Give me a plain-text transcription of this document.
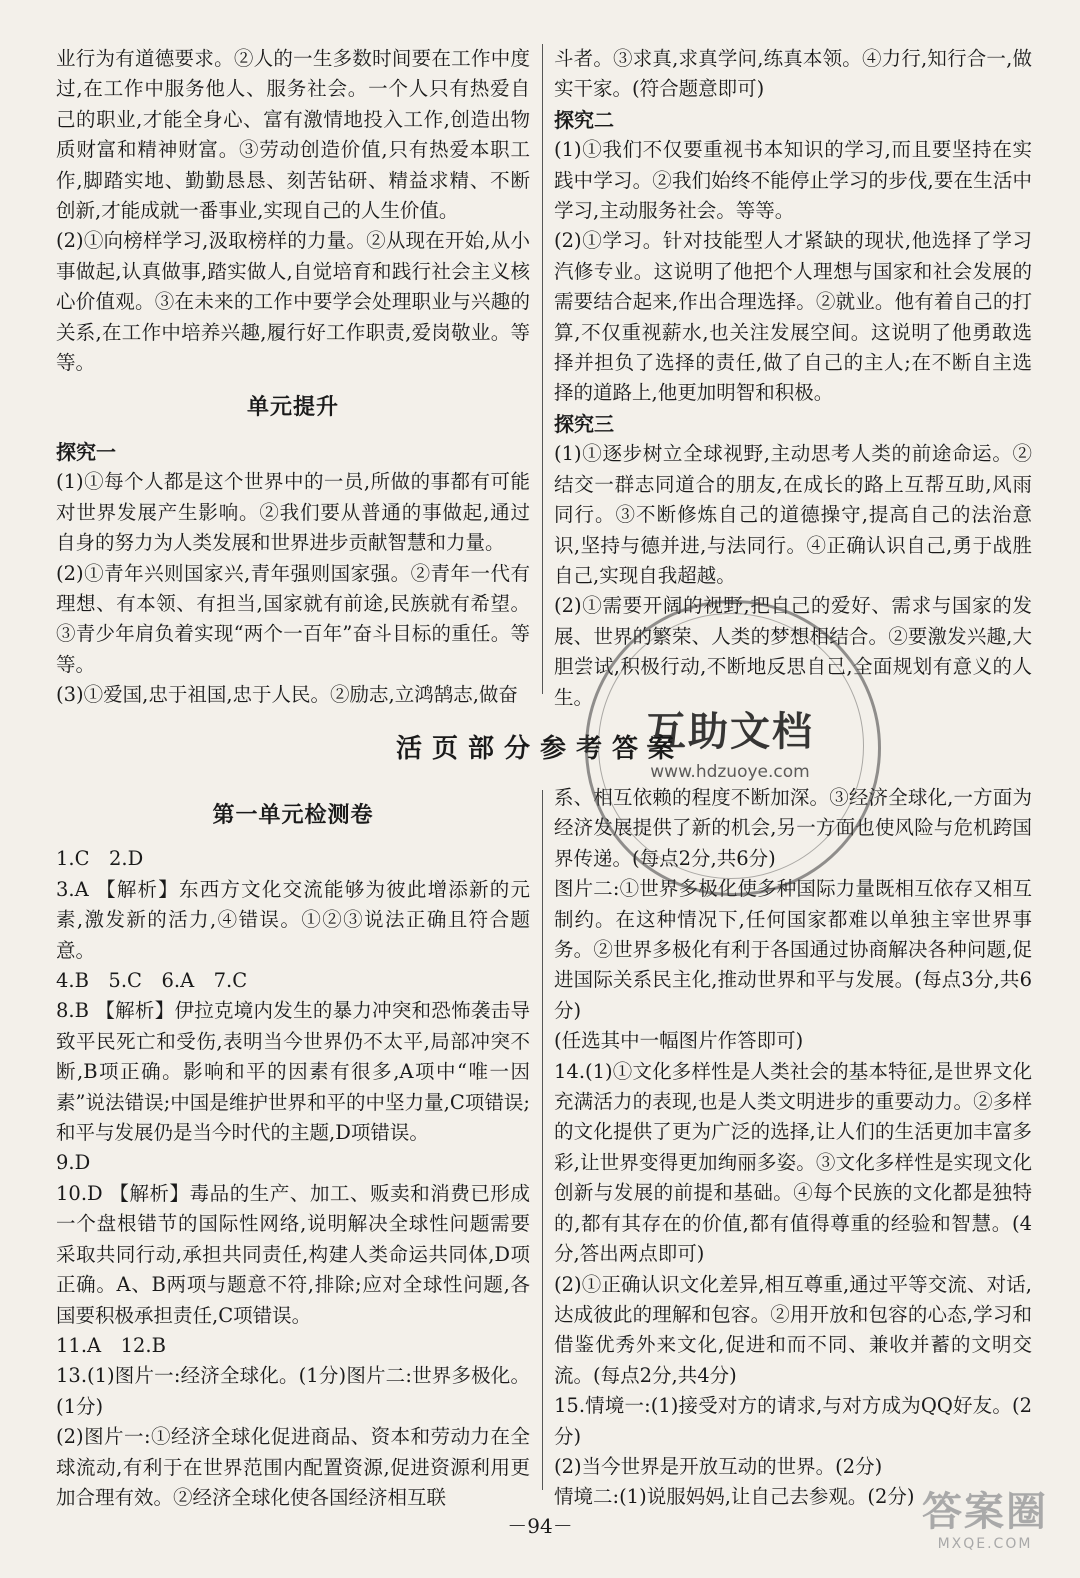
业行为有道德要求。②人的一生多数时间要在工作中度过,在工作中服务他人、服务社会。一个人只有热爱自己的职业,才能全身心、富有激情地投入工作,创造出物质财富和精神财富。③劳动创造价值,只有热爱本职工作,脚踏实地、勤勤恳恳、刻苦钻研、精益求精、不断创新,才能成就一番事业,实现自己的人生价值。

(2)①向榜样学习,汲取榜样的力量。②从现在开始,从小事做起,认真做事,踏实做人,自觉培育和践行社会主义核心价值观。③在未来的工作中要学会处理职业与兴趣的关系,在工作中培养兴趣,履行好工作职责,爱岗敬业。等等。

单元提升
探究一

(1)①每个人都是这个世界中的一员,所做的事都有可能对世界发展产生影响。②我们要从普通的事做起,通过自身的努力为人类发展和世界进步贡献智慧和力量。

(2)①青年兴则国家兴,青年强则国家强。②青年一代有理想、有本领、有担当,国家就有前途,民族就有希望。③青少年肩负着实现“两个一百年”奋斗目标的重任。等等。

(3)①爱国,忠于祖国,忠于人民。②励志,立鸿鹄志,做奋

斗者。③求真,求真学问,练真本领。④力行,知行合一,做实干家。(符合题意即可)

探究二

(1)①我们不仅要重视书本知识的学习,而且要坚持在实践中学习。②我们始终不能停止学习的步伐,要在生活中学习,主动服务社会。等等。

(2)①学习。针对技能型人才紧缺的现状,他选择了学习汽修专业。这说明了他把个人理想与国家和社会发展的需要结合起来,作出合理选择。②就业。他有着自己的打算,不仅重视薪水,也关注发展空间。这说明了他勇敢选择并担负了选择的责任,做了自己的主人;在不断自主选择的道路上,他更加明智和积极。

探究三

(1)①逐步树立全球视野,主动思考人类的前途命运。②结交一群志同道合的朋友,在成长的路上互帮互助,风雨同行。③不断修炼自己的道德操守,提高自己的法治意识,坚持与德并进,与法同行。④正确认识自己,勇于战胜自己,实现自我超越。

(2)①需要开阔的视野,把自己的爱好、需求与国家的发展、世界的繁荣、人类的梦想相结合。②要激发兴趣,大胆尝试,积极行动,不断地反思自己,全面规划有意义的人生。

活页部分参考答案
第一单元检测卷

1.C　2.D

3.A 【解析】东西方文化交流能够为彼此增添新的元素,激发新的活力,④错误。①②③说法正确且符合题意。

4.B　5.C　6.A　7.C

8.B 【解析】伊拉克境内发生的暴力冲突和恐怖袭击导致平民死亡和受伤,表明当今世界仍不太平,局部冲突不断,B项正确。影响和平的因素有很多,A项中“唯一因素”说法错误;中国是维护世界和平的中坚力量,C项错误;和平与发展仍是当今时代的主题,D项错误。

9.D

10.D 【解析】毒品的生产、加工、贩卖和消费已形成一个盘根错节的国际性网络,说明解决全球性问题需要采取共同行动,承担共同责任,构建人类命运共同体,D项正确。A、B两项与题意不符,排除;应对全球性问题,各国要积极承担责任,C项错误。

11.A　12.B

13.(1)图片一:经济全球化。(1分)图片二:世界多极化。(1分)

(2)图片一:①经济全球化促进商品、资本和劳动力在全球流动,有利于在世界范围内配置资源,促进资源利用更加合理有效。②经济全球化使各国经济相互联

系、相互依赖的程度不断加深。③经济全球化,一方面为经济发展提供了新的机会,另一方面也使风险与危机跨国界传递。(每点2分,共6分)

图片二:①世界多极化使多种国际力量既相互依存又相互制约。在这种情况下,任何国家都难以单独主宰世界事务。②世界多极化有利于各国通过协商解决各种问题,促进国际关系民主化,推动世界和平与发展。(每点3分,共6分)

(任选其中一幅图片作答即可)

14.(1)①文化多样性是人类社会的基本特征,是世界文化充满活力的表现,也是人类文明进步的重要动力。②多样的文化提供了更为广泛的选择,让人们的生活更加丰富多彩,让世界变得更加绚丽多姿。③文化多样性是实现文化创新与发展的前提和基础。④每个民族的文化都是独特的,都有其存在的价值,都有值得尊重的经验和智慧。(4分,答出两点即可)

(2)①正确认识文化差异,相互尊重,通过平等交流、对话,达成彼此的理解和包容。②用开放和包容的心态,学习和借鉴优秀外来文化,促进和而不同、兼收并蓄的文明交流。(每点2分,共4分)

15.情境一:(1)接受对方的请求,与对方成为QQ好友。(2分)

(2)当今世界是开放互动的世界。(2分)

情境二:(1)说服妈妈,让自己去参观。(2分)

互助文档
www.hdzuoye.com
－94－	答案圈
MXQE.COM
